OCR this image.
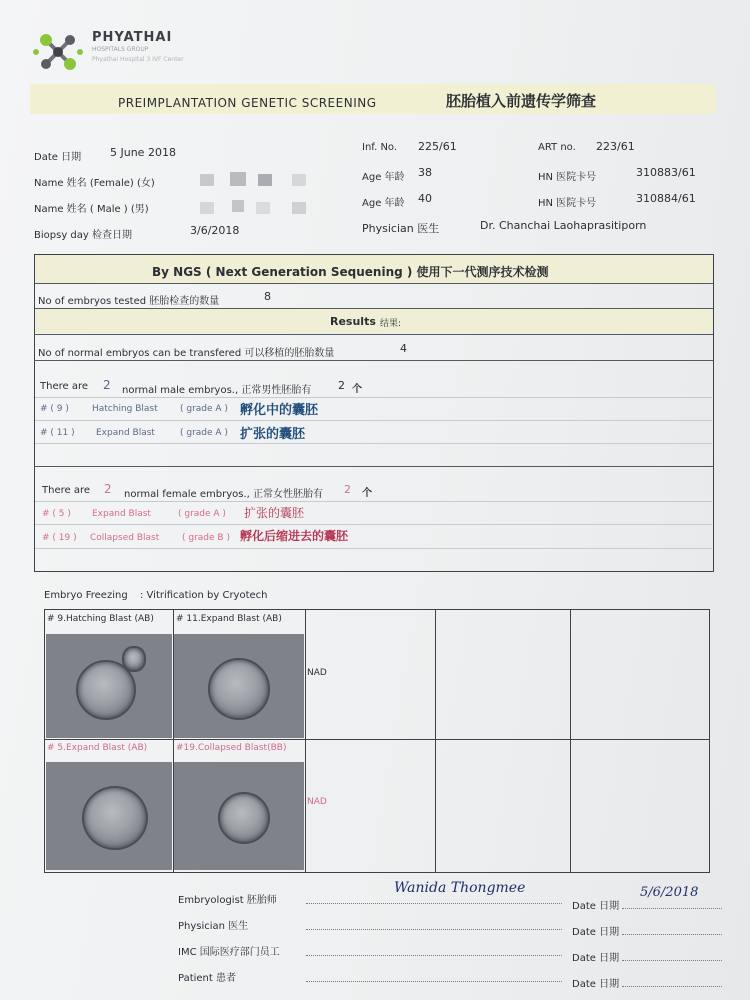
PHYATHAI
HOSPITALS GROUP
Phyathai Hospital 3 IVF Center
PREIMPLANTATION GENETIC SCREENING	胚胎植入前遗传学筛查
Date 日期	5 June 2018
Name 姓名 (Female) (女)
Name 姓名 ( Male ) (男)
Biopsy day 检查日期	3/6/2018
Inf. No. 225/61	ART no. 223/61
Age 年龄 38	HN 医院卡号	310883/61
Age 年龄 40	HN 医院卡号	310884/61
Physician 医生	Dr. Chanchai Laohaprasitiporn
By NGS ( Next Generation Sequening ) 使用下一代测序技术检测
No of embryos tested 胚胎检查的数量	8
Results 结果:
No of normal embryos can be transfered 可以移植的胚胎数量	4
There are 2 normal male embryos., 正常男性胚胎有 2 个
# ( 9 )	Hatching Blast ( grade A ) 孵化中的囊胚
# ( 11 ) Expand Blast	( grade A ) 扩张的囊胚
There are 2 normal female embryos., 正常女性胚胎有 2 个
# ( 5 ) Expand Blast	( grade A ) 扩张的囊胚
# ( 19 ) Collapsed Blast	( grade B ) 孵化后缩进去的囊胚
Embryo Freezing : Vitrification by Cryotech
# 9.Hatching Blast (AB) # 11.Expand Blast (AB)
NAD
# 5.Expand Blast (AB)	#19.Collapsed Blast(BB)
NAD
Embryologist 胚胎师
Wanida Thongmee
Date 日期
5/6/2018
Physician 医生
Date 日期
IMC 国际医疗部门员工
Date 日期
Patient 患者
Date 日期
